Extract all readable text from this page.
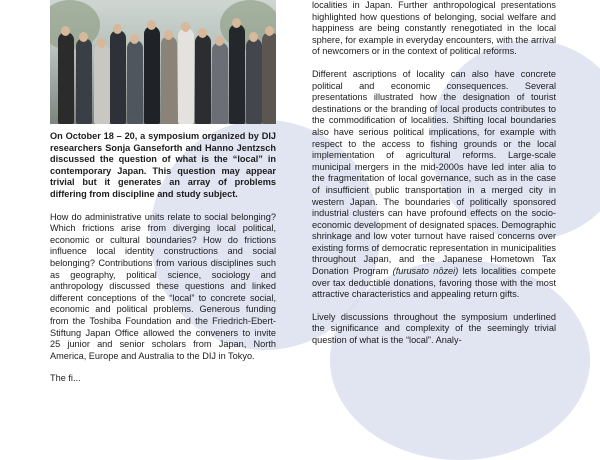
On October 18 – 20, a symposium organized by DIJ researchers Sonja Ganseforth and Hanno Jentzsch discussed the question of what is the “local” in contemporary Japan. This question may appear trivial but it generates an array of problems differing from discipline and study subject.

How do administrative units relate to social belonging? Which frictions arise from diverging local political, economic or cultural boundaries? How do frictions influence local identity constructions and social belonging? Contributions from various disciplines such as geography, political science, sociology and anthropology discussed these questions and linked different conceptions of the “local” to concrete social, economic and political problems. Generous funding from the Toshiba Foundation and the Friedrich-Ebert-Stiftung Japan Office allowed the conveners to invite 25 junior and senior scholars from Japan, North America, Europe and Australia to the DIJ in Tokyo.

The fi...

localities in Japan. Further anthropological presentations highlighted how questions of belonging, social welfare and happiness are being constantly renegotiated in the local sphere, for example in everyday encounters, with the arrival of newcomers or in the context of political reforms.

Different ascriptions of locality can also have concrete political and economic consequences. Several presentations illustrated how the designation of tourist destinations or the branding of local products contributes to the commodification of localities. Shifting local boundaries also have serious political implications, for example with respect to the access to fishing grounds or the local implementation of agricultural reforms. Large-scale municipal mergers in the mid-2000s have led inter alia to the fragmentation of local governance, such as in the case of insufficient public transportation in a merged city in western Japan. The boundaries of politically sponsored industrial clusters can have profound effects on the socio-economic development of designated spaces. Demographic shrinkage and low voter turnout have raised concerns over existing forms of democratic representation in municipalities throughout Japan, and the Japanese Hometown Tax Donation Program (furusato nōzei) lets localities compete over tax deductible donations, favoring those with the most attractive characteristics and appealing return gifts.

Lively discussions throughout the symposium underlined the significance and complexity of the seemingly trivial question of what is the “local”. Analy-
